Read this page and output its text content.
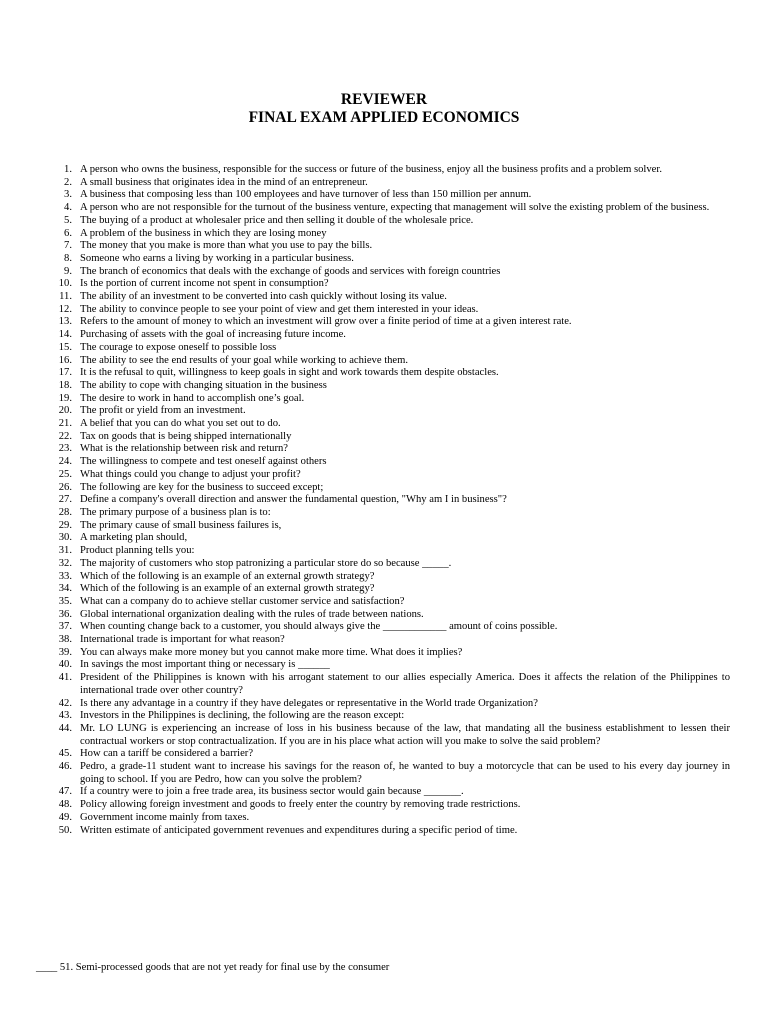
REVIEWER
FINAL EXAM APPLIED ECONOMICS
1. A person who owns the business, responsible for the success or future of the business, enjoy all the business profits and a problem solver.
2. A small business that originates idea in the mind of an entrepreneur.
3. A business that composing less than 100 employees and have turnover of less than 150 million per annum.
4. A person who are not responsible for the turnout of the business venture, expecting that management will solve the existing problem of the business.
5. The buying of a product at wholesaler price and then selling it double of the wholesale price.
6. A problem of the business in which they are losing money
7. The money that you make is more than what you use to pay the bills.
8. Someone who earns a living by working in a particular business.
9. The branch of economics that deals with the exchange of goods and services with foreign countries
10. Is the portion of current income not spent in consumption?
11. The ability of an investment to be converted into cash quickly without losing its value.
12. The ability to convince people to see your point of view and get them interested in your ideas.
13. Refers to the amount of money to which an investment will grow over a finite period of time at a given interest rate.
14. Purchasing of assets with the goal of increasing future income.
15. The courage to expose oneself to possible loss
16. The ability to see the end results of your goal while working to achieve them.
17. It is the refusal to quit, willingness to keep goals in sight and work towards them despite obstacles.
18. The ability to cope with changing situation in the business
19. The desire to work in hand to accomplish one’s goal.
20. The profit or yield from an investment.
21. A belief that you can do what you set out to do.
22. Tax on goods that is being shipped internationally
23. What is the relationship between risk and return?
24. The willingness to compete and test oneself against others
25. What things could you change to adjust your profit?
26. The following are key for the business to succeed except;
27. Define a company's overall direction and answer the fundamental question, "Why am I in business"?
28. The primary purpose of a business plan is to:
29. The primary cause of small business failures is,
30. A marketing plan should,
31. Product planning tells you:
32. The majority of customers who stop patronizing a particular store do so because _____.
33. Which of the following is an example of an external growth strategy?
34. Which of the following is an example of an external growth strategy?
35. What can a company do to achieve stellar customer service and satisfaction?
36. Global international organization dealing with the rules of trade between nations.
37. When counting change back to a customer, you should always give the ____________ amount of coins possible.
38. International trade is important for what reason?
39. You can always make more money but you cannot make more time. What does it implies?
40. In savings the most important thing or necessary is ______
41. President of the Philippines is known with his arrogant statement to our allies especially America. Does it affects the relation of the Philippines to international trade over other country?
42. Is there any advantage in a country if they have delegates or representative in the World trade Organization?
43. Investors in the Philippines is declining, the following are the reason except:
44. Mr. LO LUNG is experiencing an increase of loss in his business because of the law, that mandating all the business establishment to lessen their contractual workers or stop contractualization. If you are in his place what action will you make to solve the said problem?
45. How can a tariff be considered a barrier?
46. Pedro, a grade-11 student want to increase his savings for the reason of, he wanted to buy a motorcycle that can be used to his every day journey in going to school. If you are Pedro, how can you solve the problem?
47. If a country were to join a free trade area, its business sector would gain because _______.
48. Policy allowing foreign investment and goods to freely enter the country by removing trade restrictions.
49. Government income mainly from taxes.
50. Written estimate of anticipated government revenues and expenditures during a specific period of time.
____ 51. Semi-processed goods that are not yet ready for final use by the consumer
